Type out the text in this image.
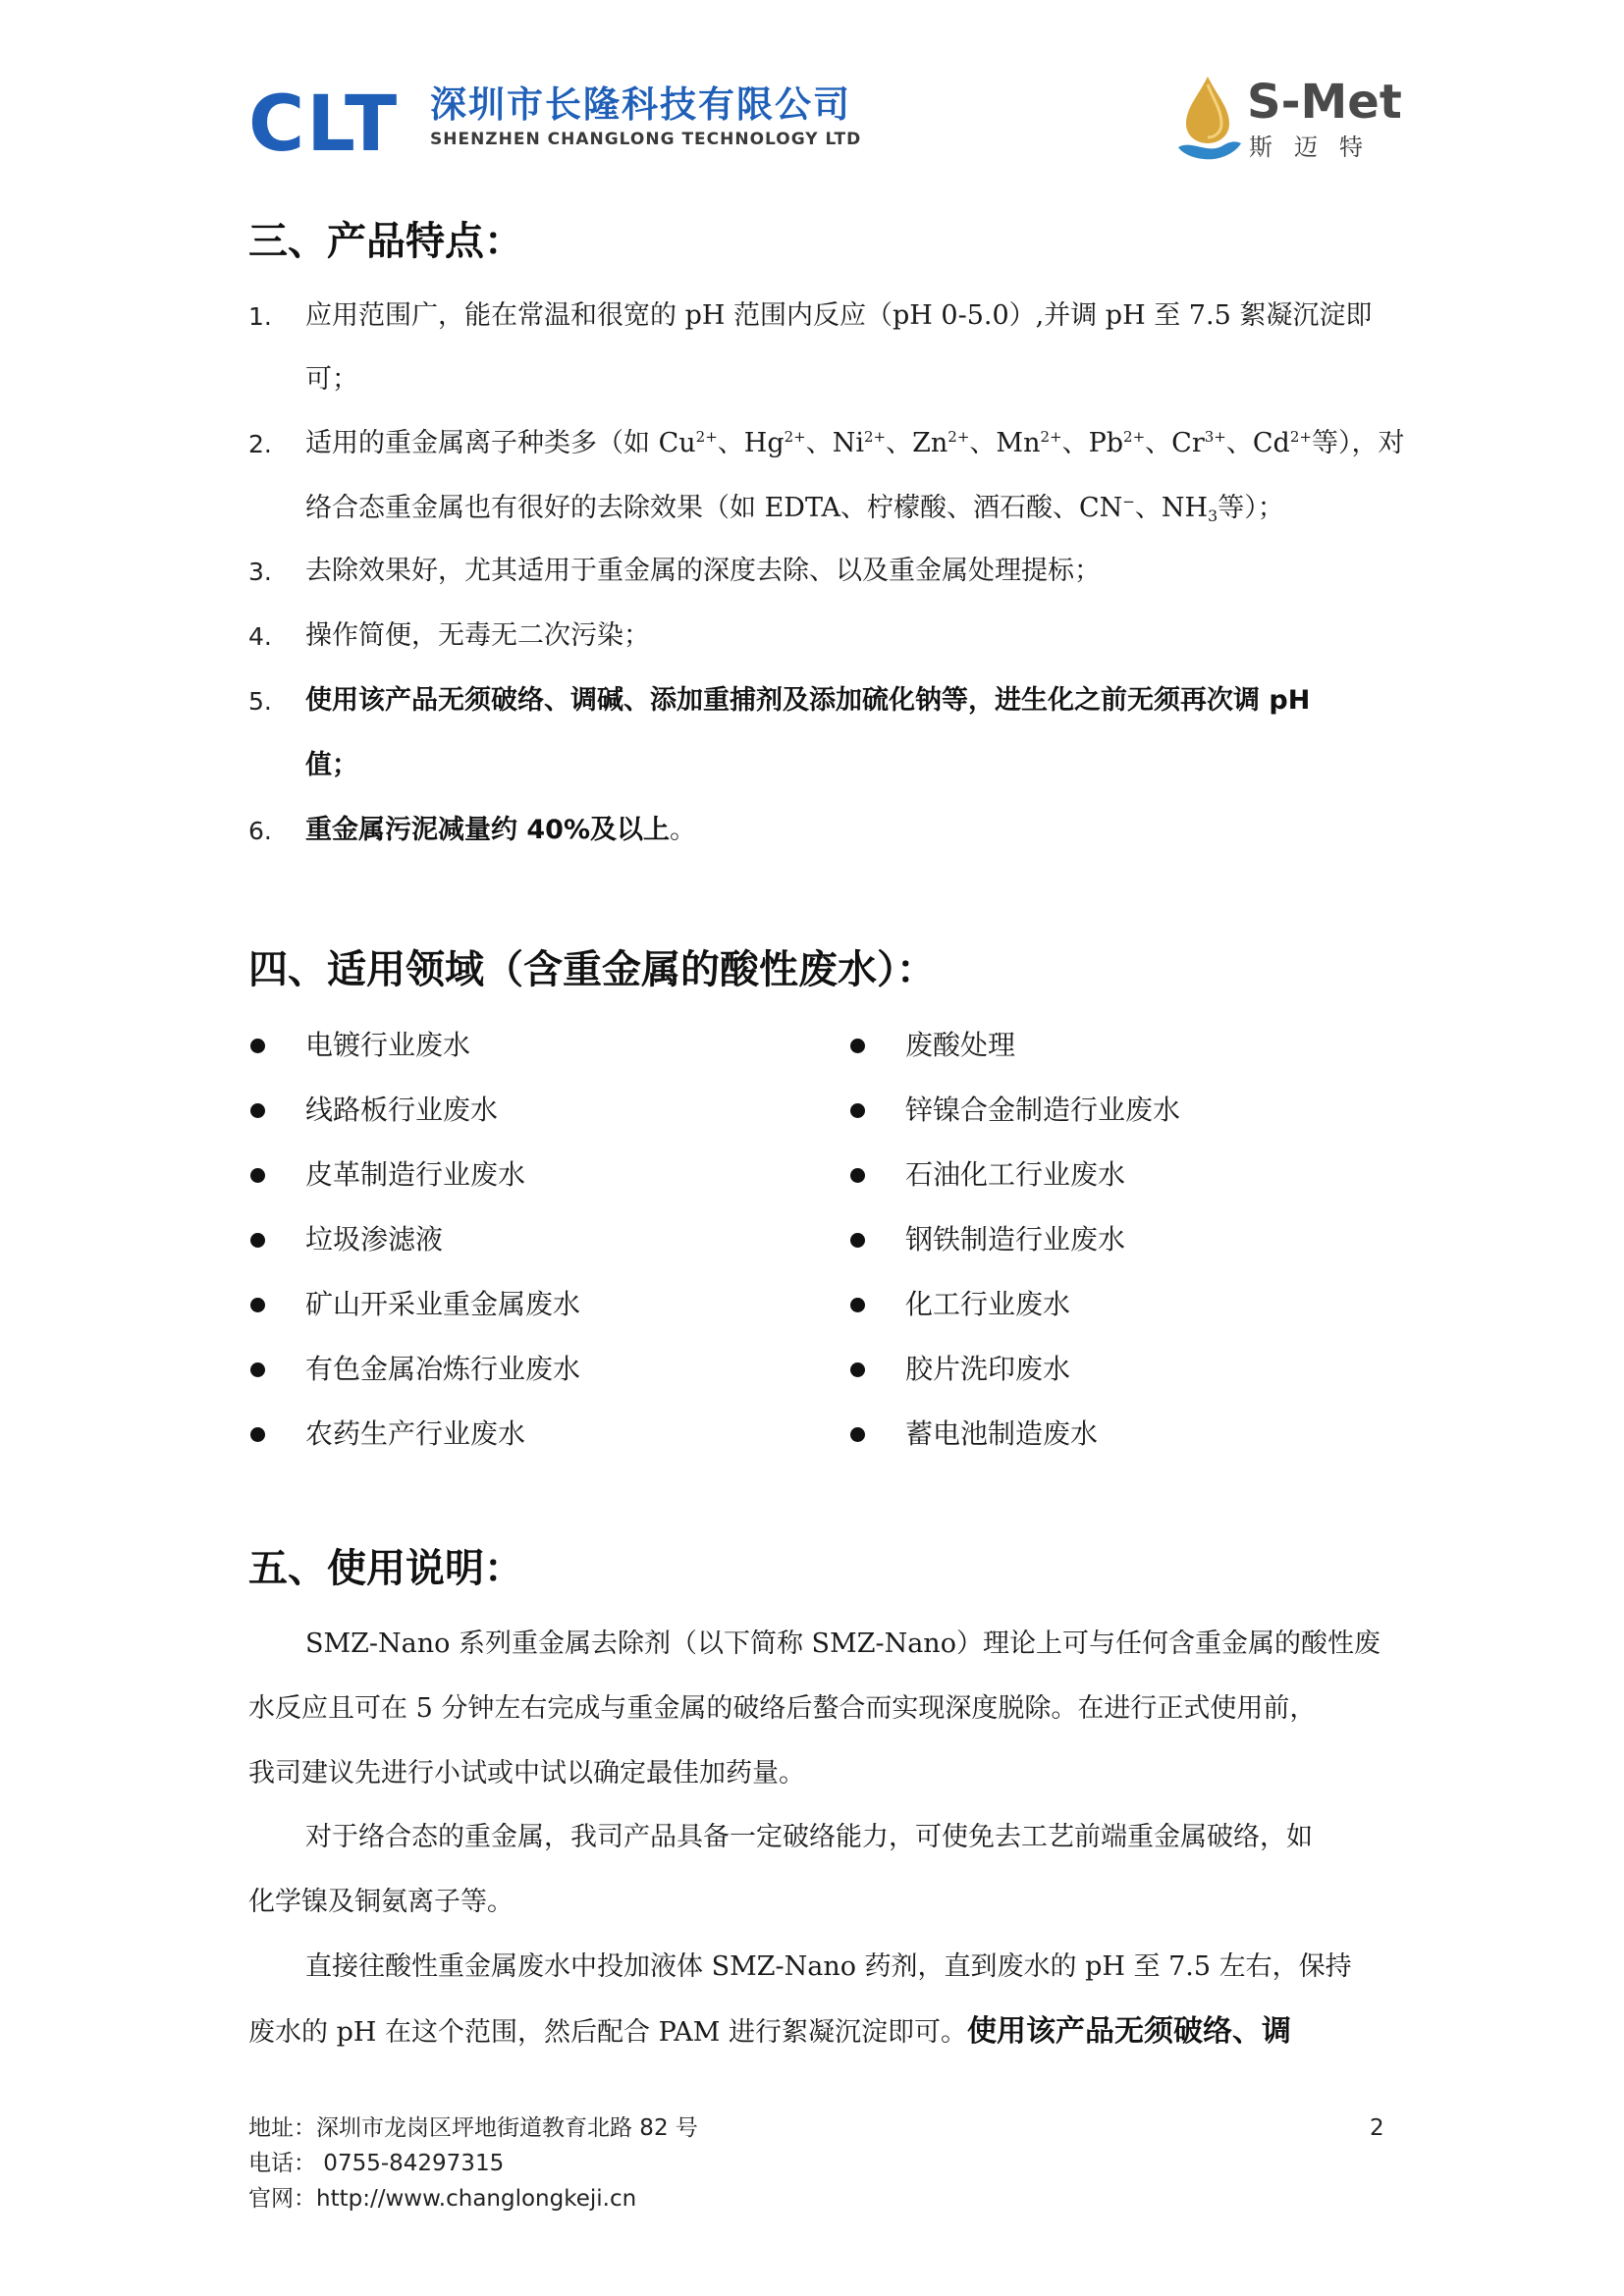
CLT 深圳市长隆科技有限公司
SHENZHEN CHANGLONG TECHNOLOGY LTD
S-Met
斯迈特
三、产品特点：
1. 应用范围广，能在常温和很宽的 pH 范围内反应（pH 0-5.0）,并调 pH 至 7.5 絮凝沉淀即
可；
2. 适用的重金属离子种类多（如 $Cu^{2+}$、$Hg^{2+}$、$Ni^{2+}$、$Zn^{2+}$、$Mn^{2+}$、$Pb^{2+}$、$Cr^{3+}$、$Cd^{2+}$等），对
络合态重金属也有很好的去除效果（如 EDTA、柠檬酸、酒石酸、CN−、$NH_3$等）；
3. 去除效果好，尤其适用于重金属的深度去除、以及重金属处理提标；
4. 操作简便，无毒无二次污染；
5. 使用该产品无须破络、调碱、添加重捕剂及添加硫化钠等，进生化之前无须再次调 pH
值；
6. 重金属污泥减量约 40%及以上。
四、适用领域（含重金属的酸性废水）：
电镀行业废水
线路板行业废水
皮革制造行业废水
垃圾渗滤液
矿山开采业重金属废水
有色金属冶炼行业废水
农药生产行业废水
废酸处理
锌镍合金制造行业废水
石油化工行业废水
钢铁制造行业废水
化工行业废水
胶片洗印废水
蓄电池制造废水
五、使用说明：
SMZ-Nano 系列重金属去除剂（以下简称 SMZ-Nano）理论上可与任何含重金属的酸性废
水反应且可在 5 分钟左右完成与重金属的破络后螯合而实现深度脱除。在进行正式使用前，
我司建议先进行小试或中试以确定最佳加药量。
对于络合态的重金属，我司产品具备一定破络能力，可使免去工艺前端重金属破络，如
化学镍及铜氨离子等。
直接往酸性重金属废水中投加液体 SMZ-Nano 药剂，直到废水的 pH 至 7.5 左右，保持
废水的 pH 在这个范围，然后配合 PAM 进行絮凝沉淀即可。使用该产品无须破络、调
地址：深圳市龙岗区坪地街道教育北路 82 号
电话： 0755-84297315
官网：http://www.changlongkeji.cn
2
